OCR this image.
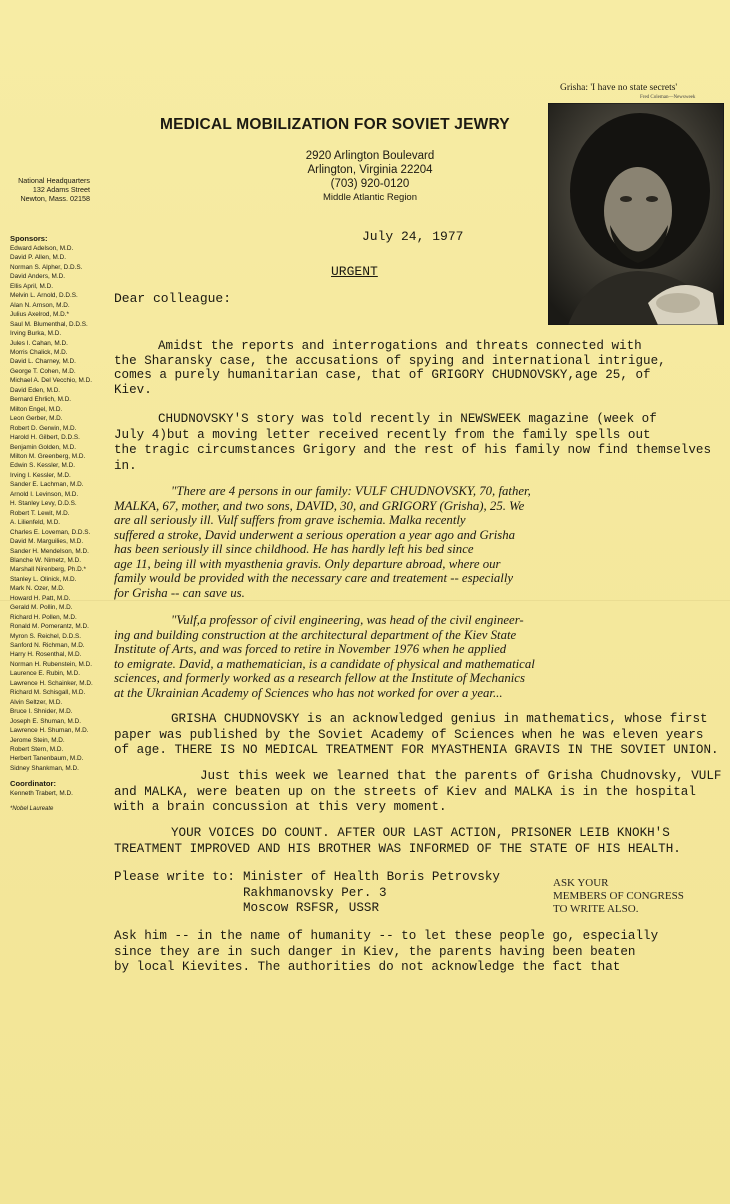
MEDICAL MOBILIZATION FOR SOVIET JEWRY
2920 Arlington Boulevard
Arlington, Virginia 22204
(703) 920-0120
Middle Atlantic Region
National Headquarters
132 Adams Street
Newton, Mass. 02158
Sponsors:
Edward Adelson, M.D.
David P. Allen, M.D.
Norman S. Alpher, D.D.S.
David Anders, M.D.
Ellis April, M.D.
Melvin L. Arnold, D.D.S.
Alan N. Arnson, M.D.
Julius Axelrod, M.D.*
Saul M. Blumenthal, D.D.S.
Irving Burka, M.D.
Jules I. Cahan, M.D.
Morris Chalick, M.D.
David L. Charney, M.D.
George T. Cohen, M.D.
Michael A. Del Vecchio, M.D.
David Eden, M.D.
Bernard Ehrlich, M.D.
Milton Engel, M.D.
Leon Gerber, M.D.
Robert D. Gerwin, M.D.
Harold H. Gilbert, D.D.S.
Benjamin Golden, M.D.
Milton M. Greenberg, M.D.
Edwin S. Kessler, M.D.
Irving I. Kessler, M.D.
Sander E. Lachman, M.D.
Arnold I. Levinson, M.D.
H. Stanley Levy, D.D.S.
Robert T. Lewit, M.D.
A. Lilienfeld, M.D.
Charles E. Loveman, D.D.S.
David M. Marguilies, M.D.
Sander H. Mendelson, M.D.
Blanche W. Nimetz, M.D.
Marshall Nirenberg, Ph.D.*
Stanley L. Olinick, M.D.
Mark N. Ozer, M.D.
Howard H. Patt, M.D.
Gerald M. Pollin, M.D.
Richard H. Pollen, M.D.
Ronald M. Pomerantz, M.D.
Myron S. Reichel, D.D.S.
Sanford N. Richman, M.D.
Harry H. Rosenthal, M.D.
Norman H. Rubenstein, M.D.
Laurence E. Rubin, M.D.
Lawrence H. Schainker, M.D.
Richard M. Schisgall, M.D.
Alvin Seltzer, M.D.
Bruce I. Shnider, M.D.
Joseph E. Shuman, M.D.
Lawrence H. Shuman, M.D.
Jerome Stein, M.D.
Robert Stern, M.D.
Herbert Tanenbaum, M.D.
Sidney Shankman, M.D.
Coordinator:
Kenneth Trabert, M.D.
*Nobel Laureate
Grisha: 'I have no state secrets'
Fred Coleman—Newsweek
July 24, 1977
URGENT
Dear colleague:
Amidst the reports and interrogations and threats connected with
the Sharansky case, the accusations of spying and international intrigue,
comes a purely humanitarian case, that of GRIGORY CHUDNOVSKY,age 25, of
Kiev.
CHUDNOVSKY'S story was told recently in NEWSWEEK magazine (week of
July 4)but a moving letter received recently from the family spells out
the tragic circumstances Grigory and the rest of his family now find themselves
in.
"There are 4 persons in our family: VULF CHUDNOVSKY, 70, father,
MALKA, 67, mother, and two sons, DAVID, 30, and GRIGORY (Grisha), 25. We
are all seriously ill. Vulf suffers from grave ischemia. Malka recently
suffered a stroke, David underwent a serious operation a year ago and Grisha
has been seriously ill since childhood. He has hardly left his bed since
age 11, being ill with myasthenia gravis. Only departure abroad, where our
family would be provided with the necessary care and treatement -- especially
for Grisha -- can save us.
"Vulf,a professor of civil engineering, was head of the civil engineer-
ing and building construction at the architectural department of the Kiev State
Institute of Arts, and was forced to retire in November 1976 when he applied
to emigrate. David, a mathematician, is a candidate of physical and mathematical
sciences, and formerly worked as a research fellow at the Institute of Mechanics
at the Ukrainian Academy of Sciences who has not worked for over a year...
GRISHA CHUDNOVSKY is an acknowledged genius in mathematics, whose first
paper was published by the Soviet Academy of Sciences when he was eleven years
of age. THERE IS NO MEDICAL TREATMENT FOR MYASTHENIA GRAVIS IN THE SOVIET UNION.
Just this week we learned that the parents of Grisha Chudnovsky, VULF
and MALKA, were beaten up on the streets of Kiev and MALKA is in the hospital
with a brain concussion at this very moment.
YOUR VOICES DO COUNT. AFTER OUR LAST ACTION, PRISONER LEIB KNOKH'S
TREATMENT IMPROVED AND HIS BROTHER WAS INFORMED OF THE STATE OF HIS HEALTH.
Please write to: Minister of Health Boris Petrovsky
Rakhmanovsky Per. 3
Moscow RSFSR, USSR
ASK YOUR
MEMBERS OF CONGRESS
TO WRITE ALSO.
Ask him -- in the name of humanity -- to let these people go, especially
since they are in such danger in Kiev, the parents having been beaten
by local Kievites. The authorities do not acknowledge the fact that
